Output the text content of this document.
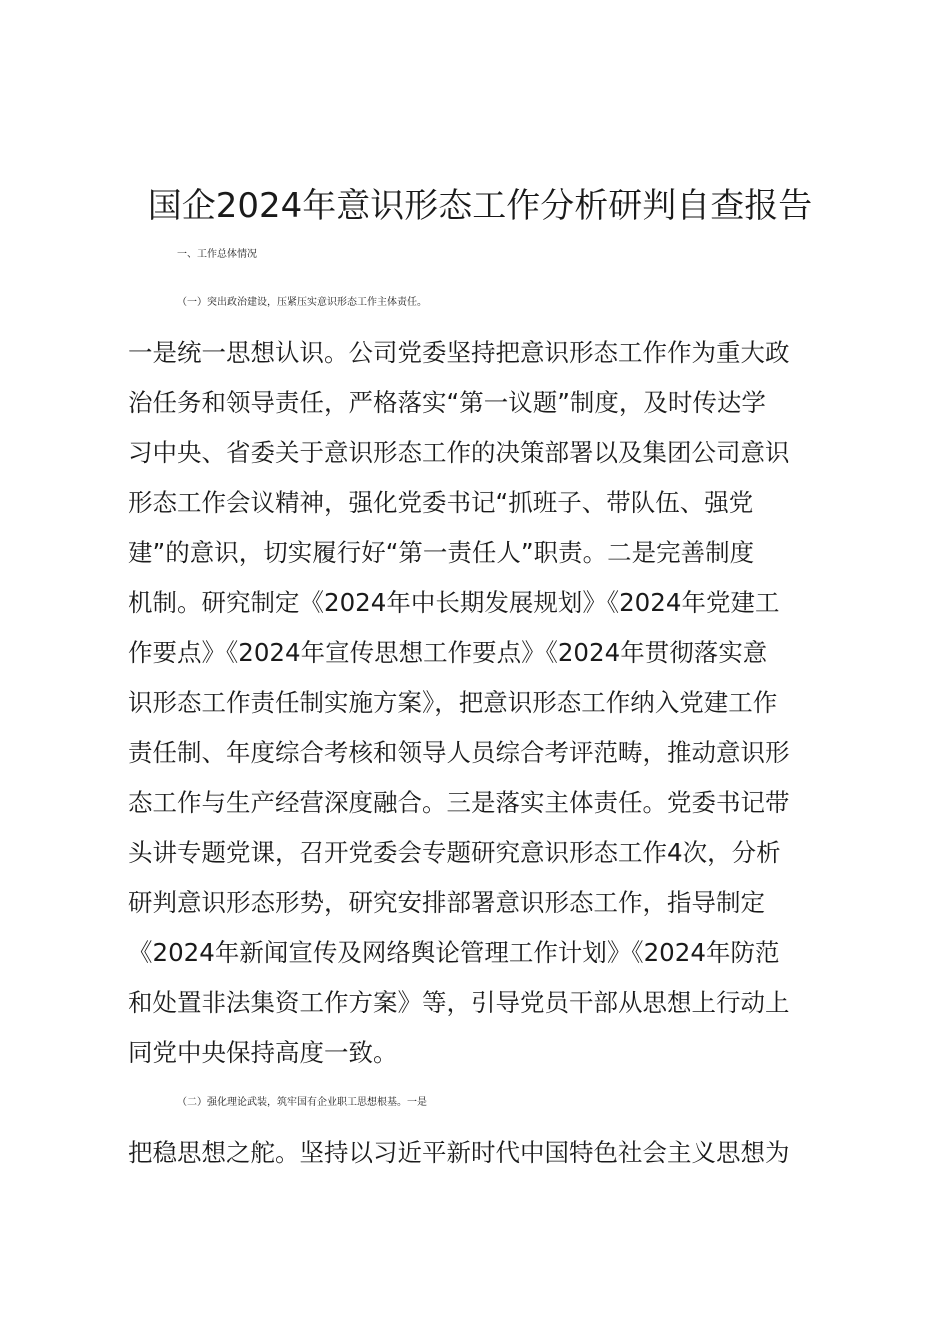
国企2024年意识形态工作分析研判自查报告
一、工作总体情况
（一）突出政治建设，压紧压实意识形态工作主体责任。
一是统一思想认识。公司党委坚持把意识形态工作作为重大政
治任务和领导责任，严格落实“第一议题”制度，及时传达学
习中央、省委关于意识形态工作的决策部署以及集团公司意识
形态工作会议精神，强化党委书记“抓班子、带队伍、强党
建”的意识，切实履行好“第一责任人”职责。二是完善制度
机制。研究制定《2024年中长期发展规划》《2024年党建工
作要点》《2024年宣传思想工作要点》《2024年贯彻落实意
识形态工作责任制实施方案》，把意识形态工作纳入党建工作
责任制、年度综合考核和领导人员综合考评范畴，推动意识形
态工作与生产经营深度融合。三是落实主体责任。党委书记带
头讲专题党课，召开党委会专题研究意识形态工作4次，分析
研判意识形态形势，研究安排部署意识形态工作，指导制定
《2024年新闻宣传及网络舆论管理工作计划》《2024年防范
和处置非法集资工作方案》等，引导党员干部从思想上行动上
同党中央保持高度一致。
（二）强化理论武装，筑牢国有企业职工思想根基。一是
把稳思想之舵。坚持以习近平新时代中国特色社会主义思想为
